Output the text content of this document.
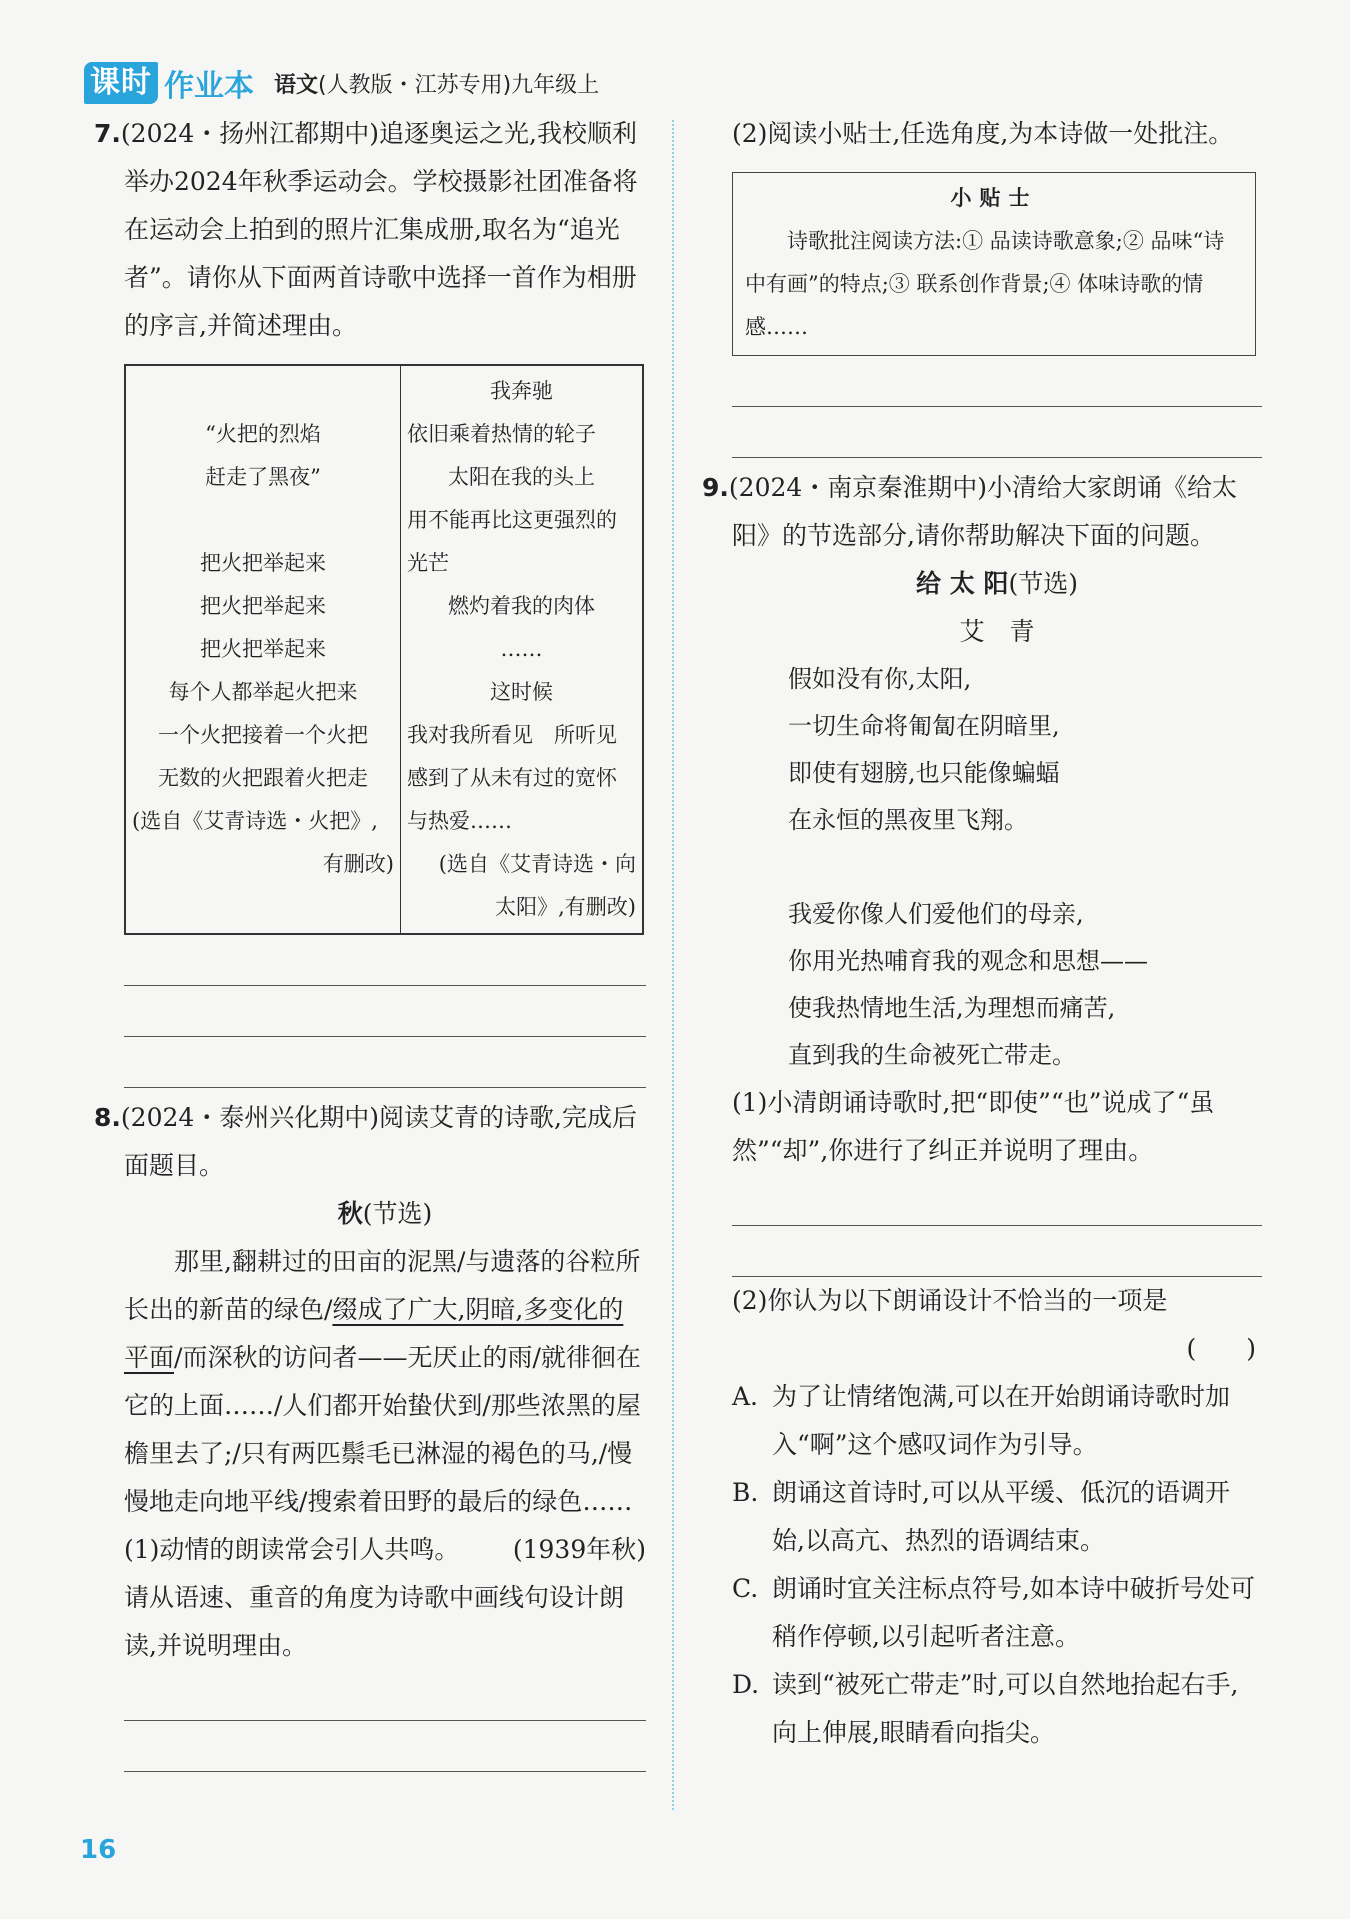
课时 作业本 语文(人教版・江苏专用)九年级上

7.(2024・扬州江都期中)追逐奥运之光,我校顺利举办2024年秋季运动会。学校摄影社团准备将在运动会上拍到的照片汇集成册,取名为“追光者”。请你从下面两首诗歌中选择一首作为相册的序言,并简述理由。

“火把的烈焰
赶走了黑夜”

把火把举起来
把火把举起来
把火把举起来
每个人都举起火把来
一个火把接着一个火把
无数的火把跟着火把走
(选自《艾青诗选・火把》,
有删改)

我奔驰
依旧乘着热情的轮子
太阳在我的头上
用不能再比这更强烈的
光芒
燃灼着我的肉体
……
这时候
我对我所看见　所听见
感到了从未有过的宽怀
与热爱……
(选自《艾青诗选・向
太阳》,有删改)

8.(2024・泰州兴化期中)阅读艾青的诗歌,完成后面题目。

秋(节选)

那里,翻耕过的田亩的泥黑/与遗落的谷粒所长出的新苗的绿色/缀成了广大,阴暗,多变化的平面/而深秋的访问者——无厌止的雨/就徘徊在它的上面……/人们都开始蛰伏到/那些浓黑的屋檐里去了;/只有两匹鬃毛已淋湿的褐色的马,/慢慢地走向地平线/搜索着田野的最后的绿色……
(1939年秋)

(1)动情的朗读常会引人共鸣。请从语速、重音的角度为诗歌中画线句设计朗读,并说明理由。

(2)阅读小贴士,任选角度,为本诗做一处批注。

小贴士
诗歌批注阅读方法:① 品读诗歌意象;② 品味“诗中有画”的特点;③ 联系创作背景;④ 体味诗歌的情感……

9.(2024・南京秦淮期中)小清给大家朗诵《给太阳》的节选部分,请你帮助解决下面的问题。

给 太 阳(节选)
艾　青
假如没有你,太阳,
一切生命将匍匐在阴暗里,
即使有翅膀,也只能像蝙蝠
在永恒的黑夜里飞翔。
我爱你像人们爱他们的母亲,
你用光热哺育我的观念和思想——
使我热情地生活,为理想而痛苦,
直到我的生命被死亡带走。

(1)小清朗诵诗歌时,把“即使”“也”说成了“虽然”“却”,你进行了纠正并说明了理由。

(2)你认为以下朗诵设计不恰当的一项是

(　　)

A. 为了让情绪饱满,可以在开始朗诵诗歌时加入“啊”这个感叹词作为引导。

B. 朗诵这首诗时,可以从平缓、低沉的语调开始,以高亢、热烈的语调结束。

C. 朗诵时宜关注标点符号,如本诗中破折号处可稍作停顿,以引起听者注意。

D. 读到“被死亡带走”时,可以自然地抬起右手,向上伸展,眼睛看向指尖。

16
